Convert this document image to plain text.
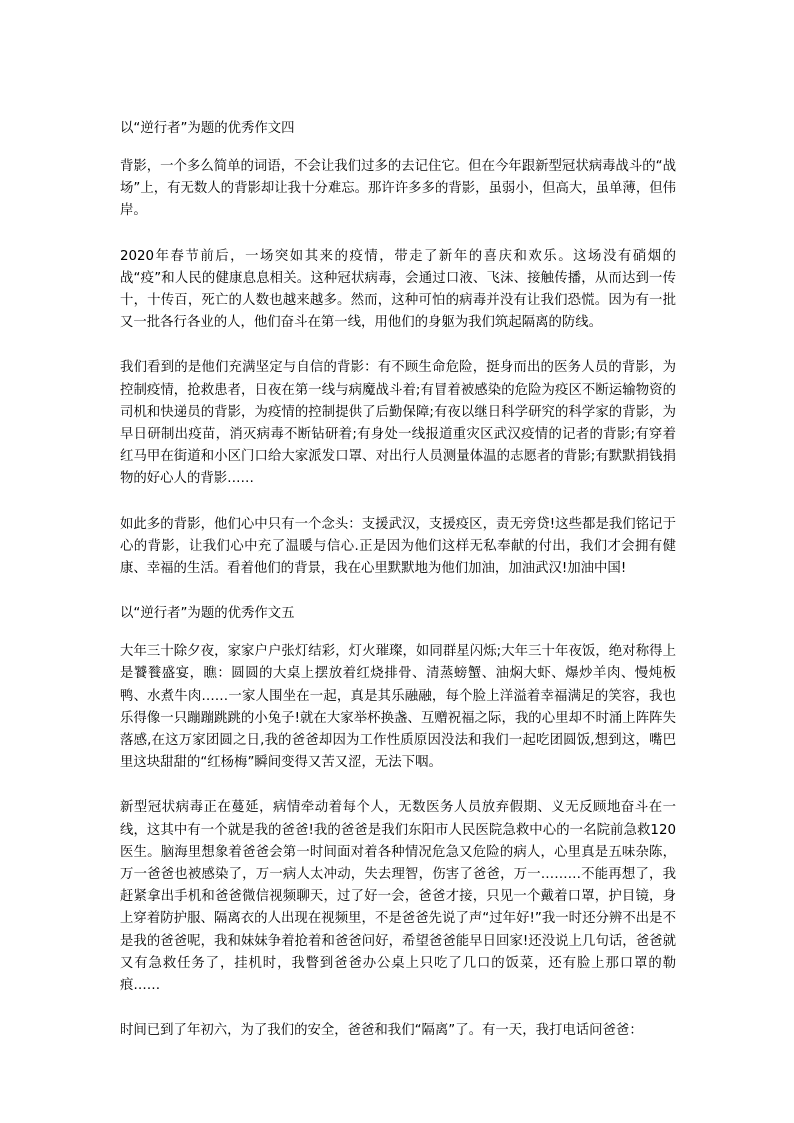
以“逆行者”为题的优秀作文四
背影，一个多么简单的词语，不会让我们过多的去记住它。但在今年跟新型冠状病毒战斗的“战场”上，有无数人的背影却让我十分难忘。那许许多多的背影，虽弱小，但高大，虽单薄，但伟岸。
2020年春节前后，一场突如其来的疫情，带走了新年的喜庆和欢乐。这场没有硝烟的战“疫”和人民的健康息息相关。这种冠状病毒，会通过口液、飞沫、接触传播，从而达到一传十，十传百，死亡的人数也越来越多。然而，这种可怕的病毒并没有让我们恐慌。因为有一批又一批各行各业的人，他们奋斗在第一线，用他们的身躯为我们筑起隔离的防线。
我们看到的是他们充满坚定与自信的背影：有不顾生命危险，挺身而出的医务人员的背影，为控制疫情，抢救患者，日夜在第一线与病魔战斗着;有冒着被感染的危险为疫区不断运输物资的司机和快递员的背影，为疫情的控制提供了后勤保障;有夜以继日科学研究的科学家的背影，为早日研制出疫苗，消灭病毒不断钻研着;有身处一线报道重灾区武汉疫情的记者的背影;有穿着红马甲在街道和小区门口给大家派发口罩、对出行人员测量体温的志愿者的背影;有默默捐钱捐物的好心人的背影……
如此多的背影，他们心中只有一个念头：支援武汉，支援疫区，责无旁贷!这些都是我们铭记于心的背影，让我们心中充了温暖与信心.正是因为他们这样无私奉献的付出，我们才会拥有健康、幸福的生活。看着他们的背景，我在心里默默地为他们加油，加油武汉!加油中国!
以“逆行者”为题的优秀作文五
大年三十除夕夜，家家户户张灯结彩，灯火璀璨，如同群星闪烁;大年三十年夜饭，绝对称得上是饕餮盛宴，瞧：圆圆的大桌上摆放着红烧排骨、清蒸螃蟹、油焖大虾、爆炒羊肉、慢炖板鸭、水煮牛肉……一家人围坐在一起，真是其乐融融，每个脸上洋溢着幸福满足的笑容，我也乐得像一只蹦蹦跳跳的小兔子!就在大家举杯换盏、互赠祝福之际，我的心里却不时涌上阵阵失落感,在这万家团圆之日,我的爸爸却因为工作性质原因没法和我们一起吃团圆饭,想到这，嘴巴里这块甜甜的“红杨梅”瞬间变得又苦又涩，无法下咽。
新型冠状病毒正在蔓延，病情牵动着每个人，无数医务人员放弃假期、义无反顾地奋斗在一线，这其中有一个就是我的爸爸!我的爸爸是我们东阳市人民医院急救中心的一名院前急救120医生。脑海里想象着爸爸会第一时间面对着各种情况危急又危险的病人，心里真是五味杂陈，万一爸爸也被感染了，万一病人太冲动，失去理智，伤害了爸爸，万一………不能再想了，我赶紧拿出手机和爸爸微信视频聊天，过了好一会，爸爸才接，只见一个戴着口罩，护目镜，身上穿着防护服、隔离衣的人出现在视频里，不是爸爸先说了声“过年好!”我一时还分辨不出是不是我的爸爸呢，我和妹妹争着抢着和爸爸问好，希望爸爸能早日回家!还没说上几句话，爸爸就又有急救任务了，挂机时，我瞥到爸爸办公桌上只吃了几口的饭菜，还有脸上那口罩的勒痕……
时间已到了年初六，为了我们的安全，爸爸和我们“隔离”了。有一天，我打电话问爸爸：
